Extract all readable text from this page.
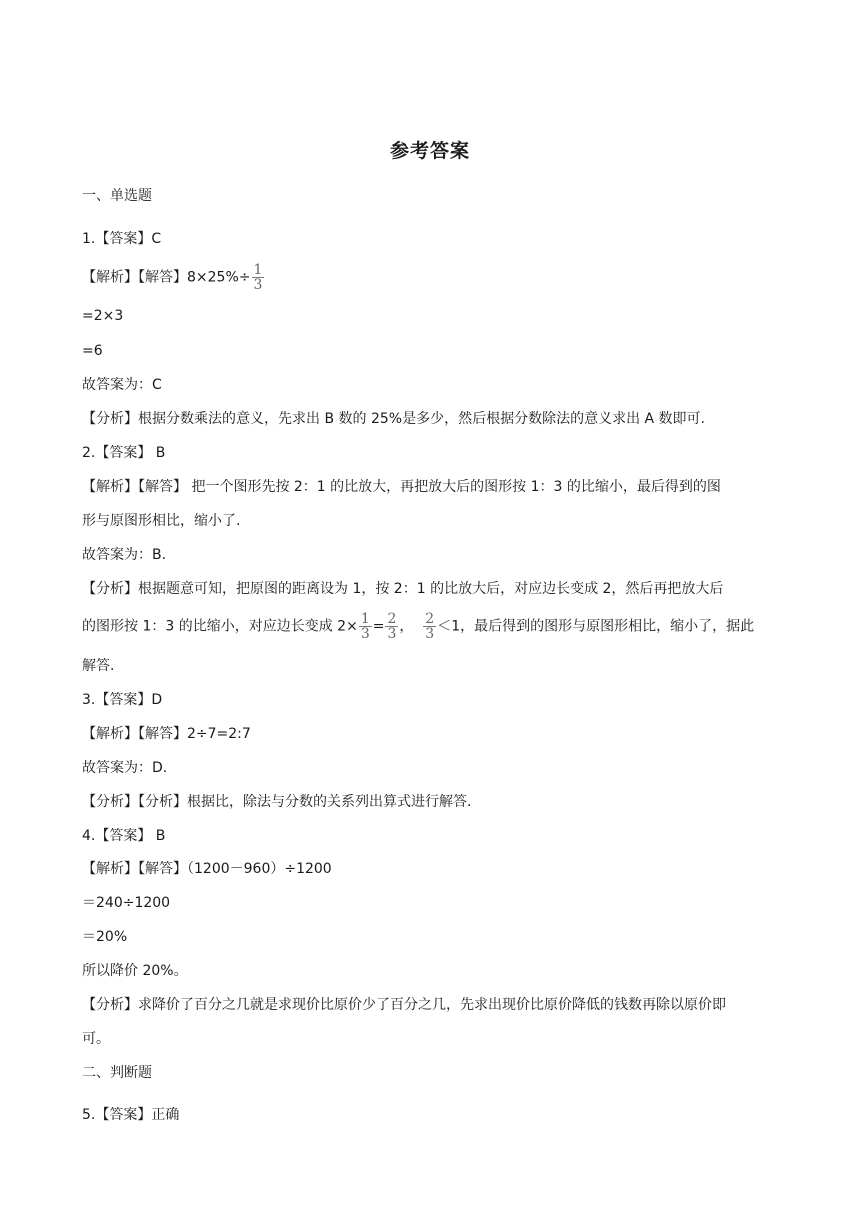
参考答案
一、单选题
1.【答案】C
【解析】【解答】$8\times 25\%\div \frac{1}{3}$
=2×3
=6
故答案为：C
【分析】根据分数乘法的意义，先求出 B 数的 25%是多少，然后根据分数除法的意义求出 A 数即可.
2.【答案】 B
【解析】【解答】 把一个图形先按 2：1 的比放大，再把放大后的图形按 1：3 的比缩小，最后得到的图
形与原图形相比，缩小了.
故答案为：B.
【分析】根据题意可知，把原图的距离设为 1，按 2：1 的比放大后，对应边长变成 2，然后再把放大后
的图形按 1：3 的比缩小，对应边长变成 $2\times \frac{1}{3} = \frac{2}{3}$ ， $\frac{2}{3} <1$，最后得到的图形与原图形相比，缩小了，据此
解答.
3.【答案】D
【解析】【解答】2÷7=2:7
故答案为：D.
【分析】【分析】根据比，除法与分数的关系列出算式进行解答.
4.【答案】 B
【解析】【解答】（1200－960）÷1200
＝240÷1200
＝20%
所以降价 20%。
【分析】求降价了百分之几就是求现价比原价少了百分之几，先求出现价比原价降低的钱数再除以原价即
可。
二、判断题
5.【答案】正确
